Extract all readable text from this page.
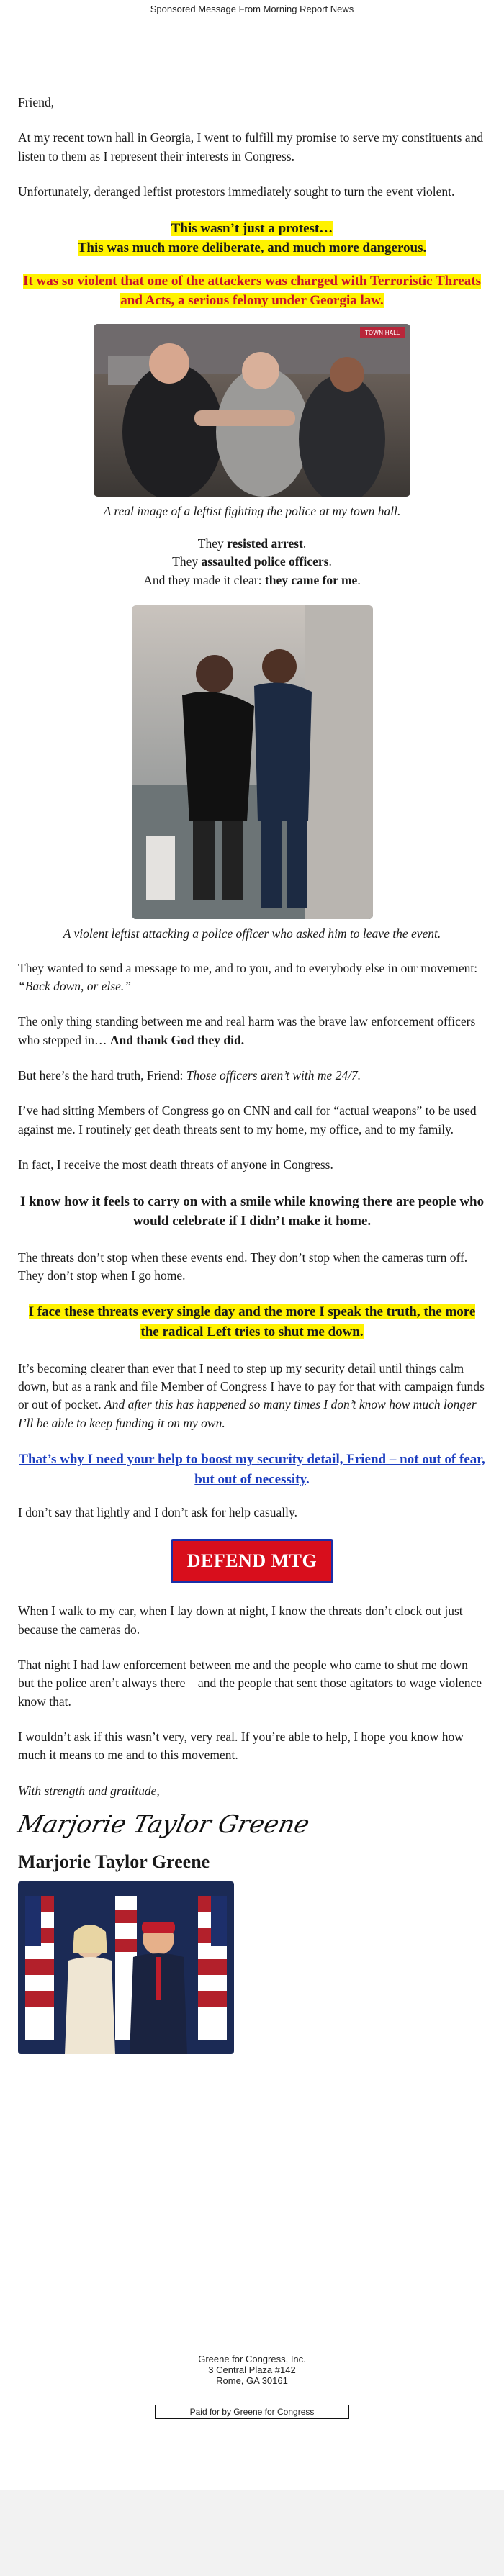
Sponsored Message From Morning Report News

Friend,

At my recent town hall in Georgia, I went to fulfill my promise to serve my constituents and listen to them as I represent their interests in Congress.

Unfortunately, deranged leftist protestors immediately sought to turn the event violent.

This wasn’t just a protest…
This was much more deliberate, and much more dangerous.

It was so violent that one of the attackers was charged with Terroristic Threats and Acts, a serious felony under Georgia law.

TOWN HALL
A real image of a leftist fighting the police at my town hall.

They resisted arrest.
They assaulted police officers.
And they made it clear: they came for me.

A violent leftist attacking a police officer who asked him to leave the event.

They wanted to send a message to me, and to you, and to everybody else in our movement: “Back down, or else.”

The only thing standing between me and real harm was the brave law enforcement officers who stepped in… And thank God they did.

But here’s the hard truth, Friend: Those officers aren’t with me 24/7.

I’ve had sitting Members of Congress go on CNN and call for “actual weapons” to be used against me. I routinely get death threats sent to my home, my office, and to my family.

In fact, I receive the most death threats of anyone in Congress.

I know how it feels to carry on with a smile while knowing there are people who would celebrate if I didn’t make it home.

The threats don’t stop when these events end. They don’t stop when the cameras turn off. They don’t stop when I go home.

I face these threats every single day and the more I speak the truth, the more the radical Left tries to shut me down.

It’s becoming clearer than ever that I need to step up my security detail until things calm down, but as a rank and file Member of Congress I have to pay for that with campaign funds or out of pocket. And after this has happened so many times I don’t know how much longer I’ll be able to keep funding it on my own.

That’s why I need your help to boost my security detail, Friend – not out of fear, but out of necessity.

I don’t say that lightly and I don’t ask for help casually.

DEFEND MTG

When I walk to my car, when I lay down at night, I know the threats don’t clock out just because the cameras do.

That night I had law enforcement between me and the people who came to shut me down but the police aren’t always there – and the people that sent those agitators to wage violence know that.

I wouldn’t ask if this wasn’t very, very real. If you’re able to help, I hope you know how much it means to me and to this movement.

With strength and gratitude,

Marjorie Taylor Greene
Marjorie Taylor Greene
Greene for Congress, Inc.
3 Central Plaza #142
Rome, GA 30161
Paid for by Greene for Congress
